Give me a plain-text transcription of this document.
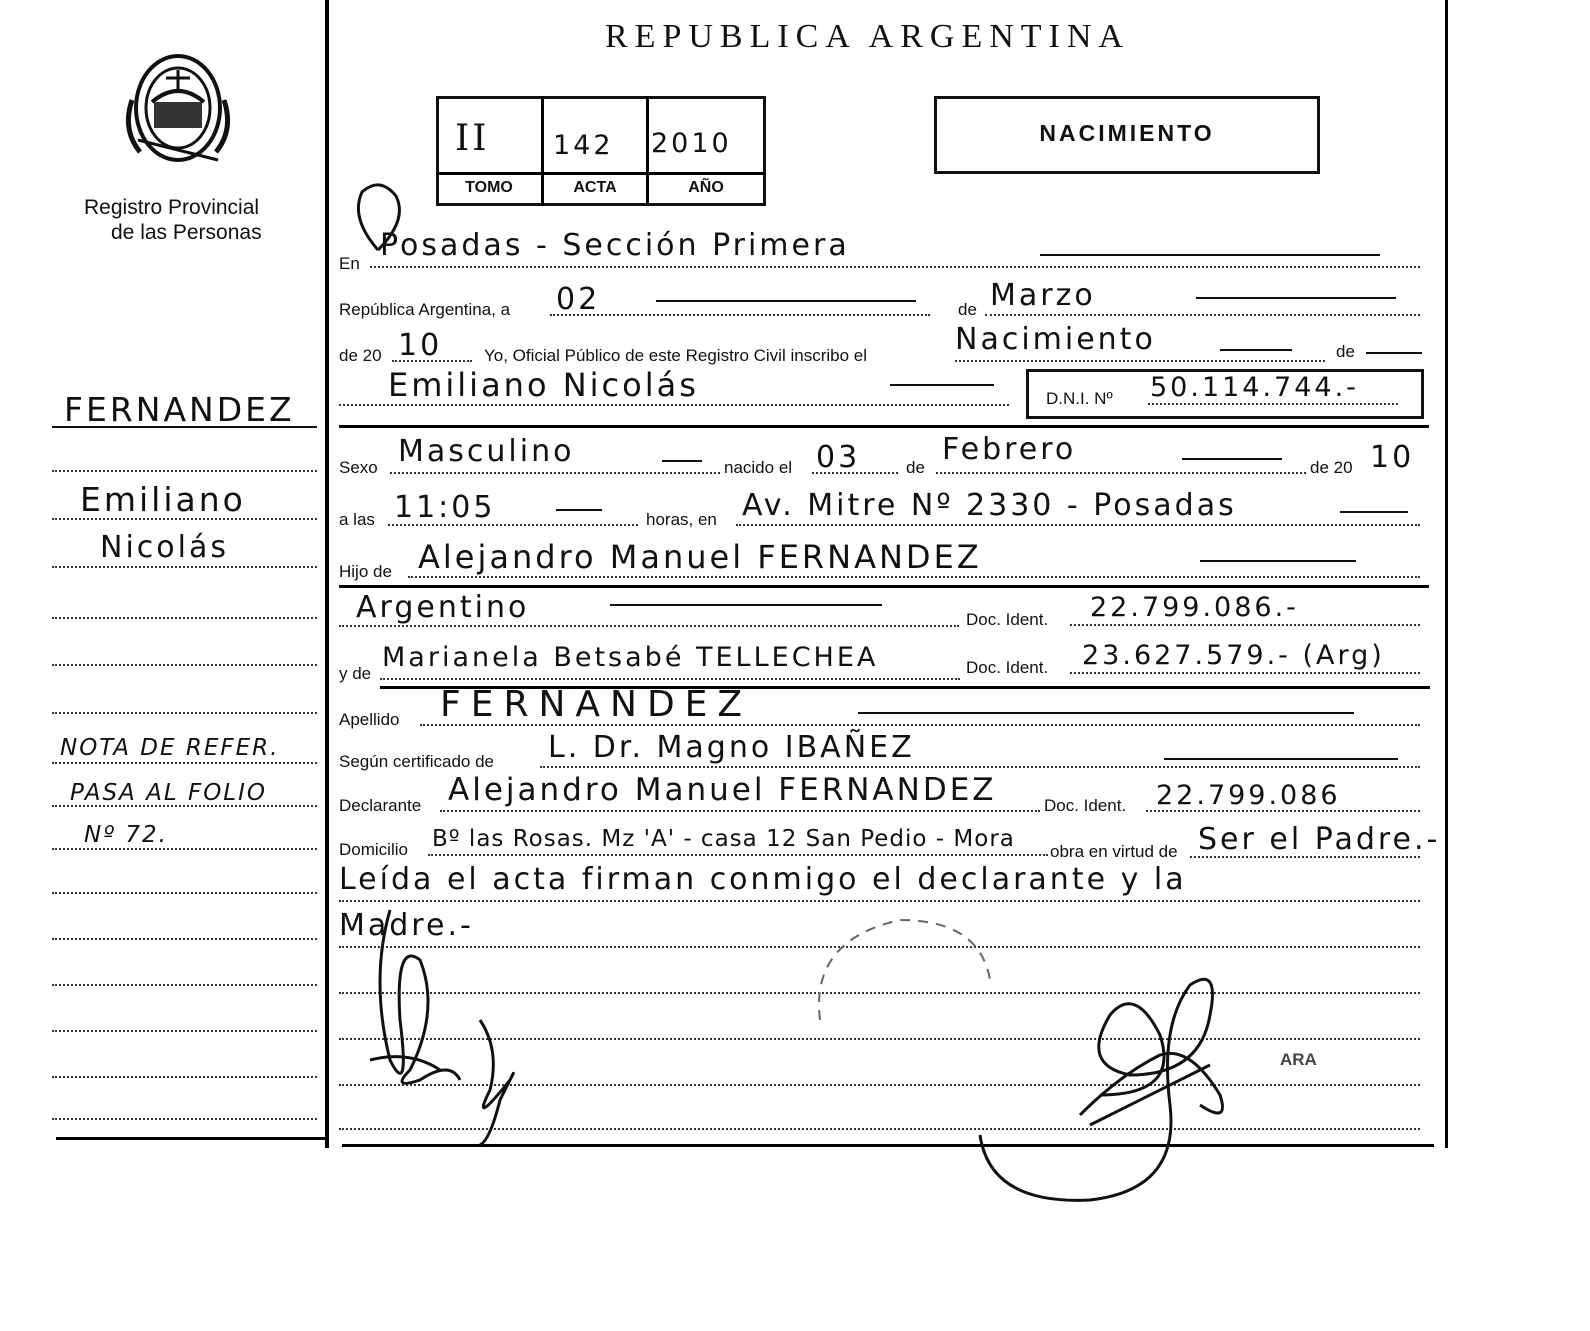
Registro Provincial
de las Personas
FERNANDEZ
Emiliano
Nicolás
NOTA DE REFER.
PASA AL FOLIO
Nº 72.
REPUBLICA ARGENTINA
II 142 2010
TOMO	ACTA	AÑO
NACIMIENTO
En
Posadas - Sección Primera
República Argentina, a 02	de Marzo
de 20 10 Yo, Oficial Público de este Registro Civil inscribo el	Nacimiento	de
Emiliano Nicolás	D.N.I. Nº 50.114.744.-
Sexo Masculino	nacido el 03	de
Febrero
de 20 10
a las 11:05	horas, en Av. Mitre Nº 2330 - Posadas
Hijo de Alejandro Manuel FERNANDEZ
Argentino	Doc. Ident. 22.799.086.-
y de
Marianela Betsabé TELLECHEA	Doc. Ident. 23.627.579.- (Arg)
Apellido FERNANDEZ
Según certificado de L. Dr. Magno IBAÑEZ
Declarante Alejandro Manuel FERNANDEZ	Doc. Ident. 22.799.086
Domicilio Bº las Rosas. Mz 'A' - casa 12 San Pedio - Mora obra en virtud de Ser el Padre.-
Leída el acta firman conmigo el declarante y la
Madre.-
ARA
